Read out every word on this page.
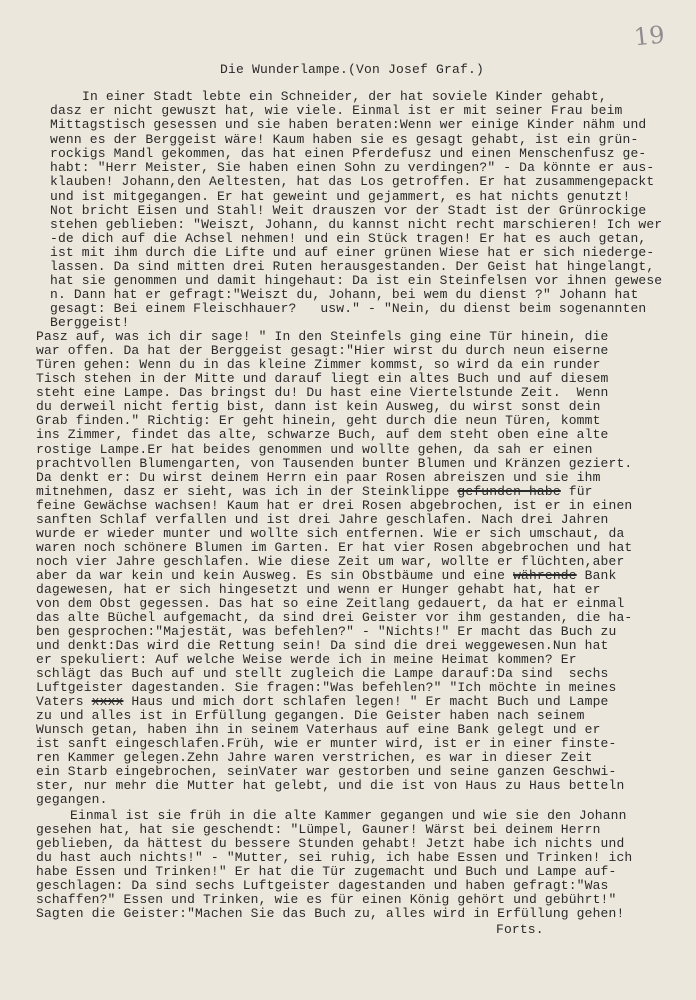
19
Die Wunderlampe.(Von Josef Graf.)
In einer Stadt lebte ein Schneider, der hat soviele Kinder gehabt,
dasz er nicht gewuszt hat, wie viele. Einmal ist er mit seiner Frau beim
Mittagstisch gesessen und sie haben beraten:Wenn wer einige Kinder nähm und
wenn es der Berggeist wäre! Kaum haben sie es gesagt gehabt, ist ein grün-
rockigs Mandl gekommen, das hat einen Pferdefusz und einen Menschenfusz ge-
habt: "Herr Meister, Sie haben einen Sohn zu verdingen?" - Da könnte er aus-
klauben! Johann,den Aeltesten, hat das Los getroffen. Er hat zusammengepackt
und ist mitgegangen. Er hat geweint und gejammert, es hat nichts genutzt!
Not bricht Eisen und Stahl! Weit drauszen vor der Stadt ist der Grünrockige
stehen geblieben: "Weiszt, Johann, du kannst nicht recht marschieren! Ich wer
-de dich auf die Achsel nehmen! und ein Stück tragen! Er hat es auch getan,
ist mit ihm durch die Lifte und auf einer grünen Wiese hat er sich niederge-
lassen. Da sind mitten drei Ruten herausgestanden. Der Geist hat hingelangt,
hat sie genommen und damit hingehaut: Da ist ein Steinfelsen vor ihnen gewese
n. Dann hat er gefragt:"Weiszt du, Johann, bei wem du dienst ?" Johann hat
gesagt: Bei einem Fleischhauer?   usw." - "Nein, du dienst beim sogenannten
Berggeist!
Pasz auf, was ich dir sage! " In den Steinfels ging eine Tür hinein, die
war offen. Da hat der Berggeist gesagt:"Hier wirst du durch neun eiserne
Türen gehen: Wenn du in das kleine Zimmer kommst, so wird da ein runder
Tisch stehen in der Mitte und darauf liegt ein altes Buch und auf diesem
steht eine Lampe. Das bringst du! Du hast eine Viertelstunde Zeit.  Wenn
du derweil nicht fertig bist, dann ist kein Ausweg, du wirst sonst dein
Grab finden." Richtig: Er geht hinein, geht durch die neun Türen, kommt
ins Zimmer, findet das alte, schwarze Buch, auf dem steht oben eine alte
rostige Lampe.Er hat beides genommen und wollte gehen, da sah er einen
prachtvollen Blumengarten, von Tausenden bunter Blumen und Kränzen geziert.
Da denkt er: Du wirst deinem Herrn ein paar Rosen abreiszen und sie ihm
mitnehmen, dasz er sieht, was ich in der Steinklippe gefunden habe für
feine Gewächse wachsen! Kaum hat er drei Rosen abgebrochen, ist er in einen
sanften Schlaf verfallen und ist drei Jahre geschlafen. Nach drei Jahren
wurde er wieder munter und wollte sich entfernen. Wie er sich umschaut, da
waren noch schönere Blumen im Garten. Er hat vier Rosen abgebrochen und hat
noch vier Jahre geschlafen. Wie diese Zeit um war, wollte er flüchten,aber
aber da war kein und kein Ausweg. Es sin Obstbäume und eine währende Bank
dagewesen, hat er sich hingesetzt und wenn er Hunger gehabt hat, hat er
von dem Obst gegessen. Das hat so eine Zeitlang gedauert, da hat er einmal
das alte Büchel aufgemacht, da sind drei Geister vor ihm gestanden, die ha-
ben gesprochen:"Majestät, was befehlen?" - "Nichts!" Er macht das Buch zu
und denkt:Das wird die Rettung sein! Da sind die drei weggewesen.Nun hat
er spekuliert: Auf welche Weise werde ich in meine Heimat kommen? Er
schlägt das Buch auf und stellt zugleich die Lampe darauf:Da sind  sechs
Luftgeister dagestanden. Sie fragen:"Was befehlen?" "Ich möchte in meines
Vaters xxxx Haus und mich dort schlafen legen! " Er macht Buch und Lampe
zu und alles ist in Erfüllung gegangen. Die Geister haben nach seinem
Wunsch getan, haben ihn in seinem Vaterhaus auf eine Bank gelegt und er
ist sanft eingeschlafen.Früh, wie er munter wird, ist er in einer finste-
ren Kammer gelegen.Zehn Jahre waren verstrichen, es war in dieser Zeit
ein Starb eingebrochen, seinVater war gestorben und seine ganzen Geschwi-
ster, nur mehr die Mutter hat gelebt, und die ist von Haus zu Haus betteln
gegangen.
Einmal ist sie früh in die alte Kammer gegangen und wie sie den Johann
gesehen hat, hat sie geschendt: "Lümpel, Gauner! Wärst bei deinem Herrn
geblieben, da hättest du bessere Stunden gehabt! Jetzt habe ich nichts und
du hast auch nichts!" - "Mutter, sei ruhig, ich habe Essen und Trinken! ich
habe Essen und Trinken!" Er hat die Tür zugemacht und Buch und Lampe auf-
geschlagen: Da sind sechs Luftgeister dagestanden und haben gefragt:"Was
schaffen?" Essen und Trinken, wie es für einen König gehört und gebührt!"
Sagten die Geister:"Machen Sie das Buch zu, alles wird in Erfüllung gehen!
Forts.
